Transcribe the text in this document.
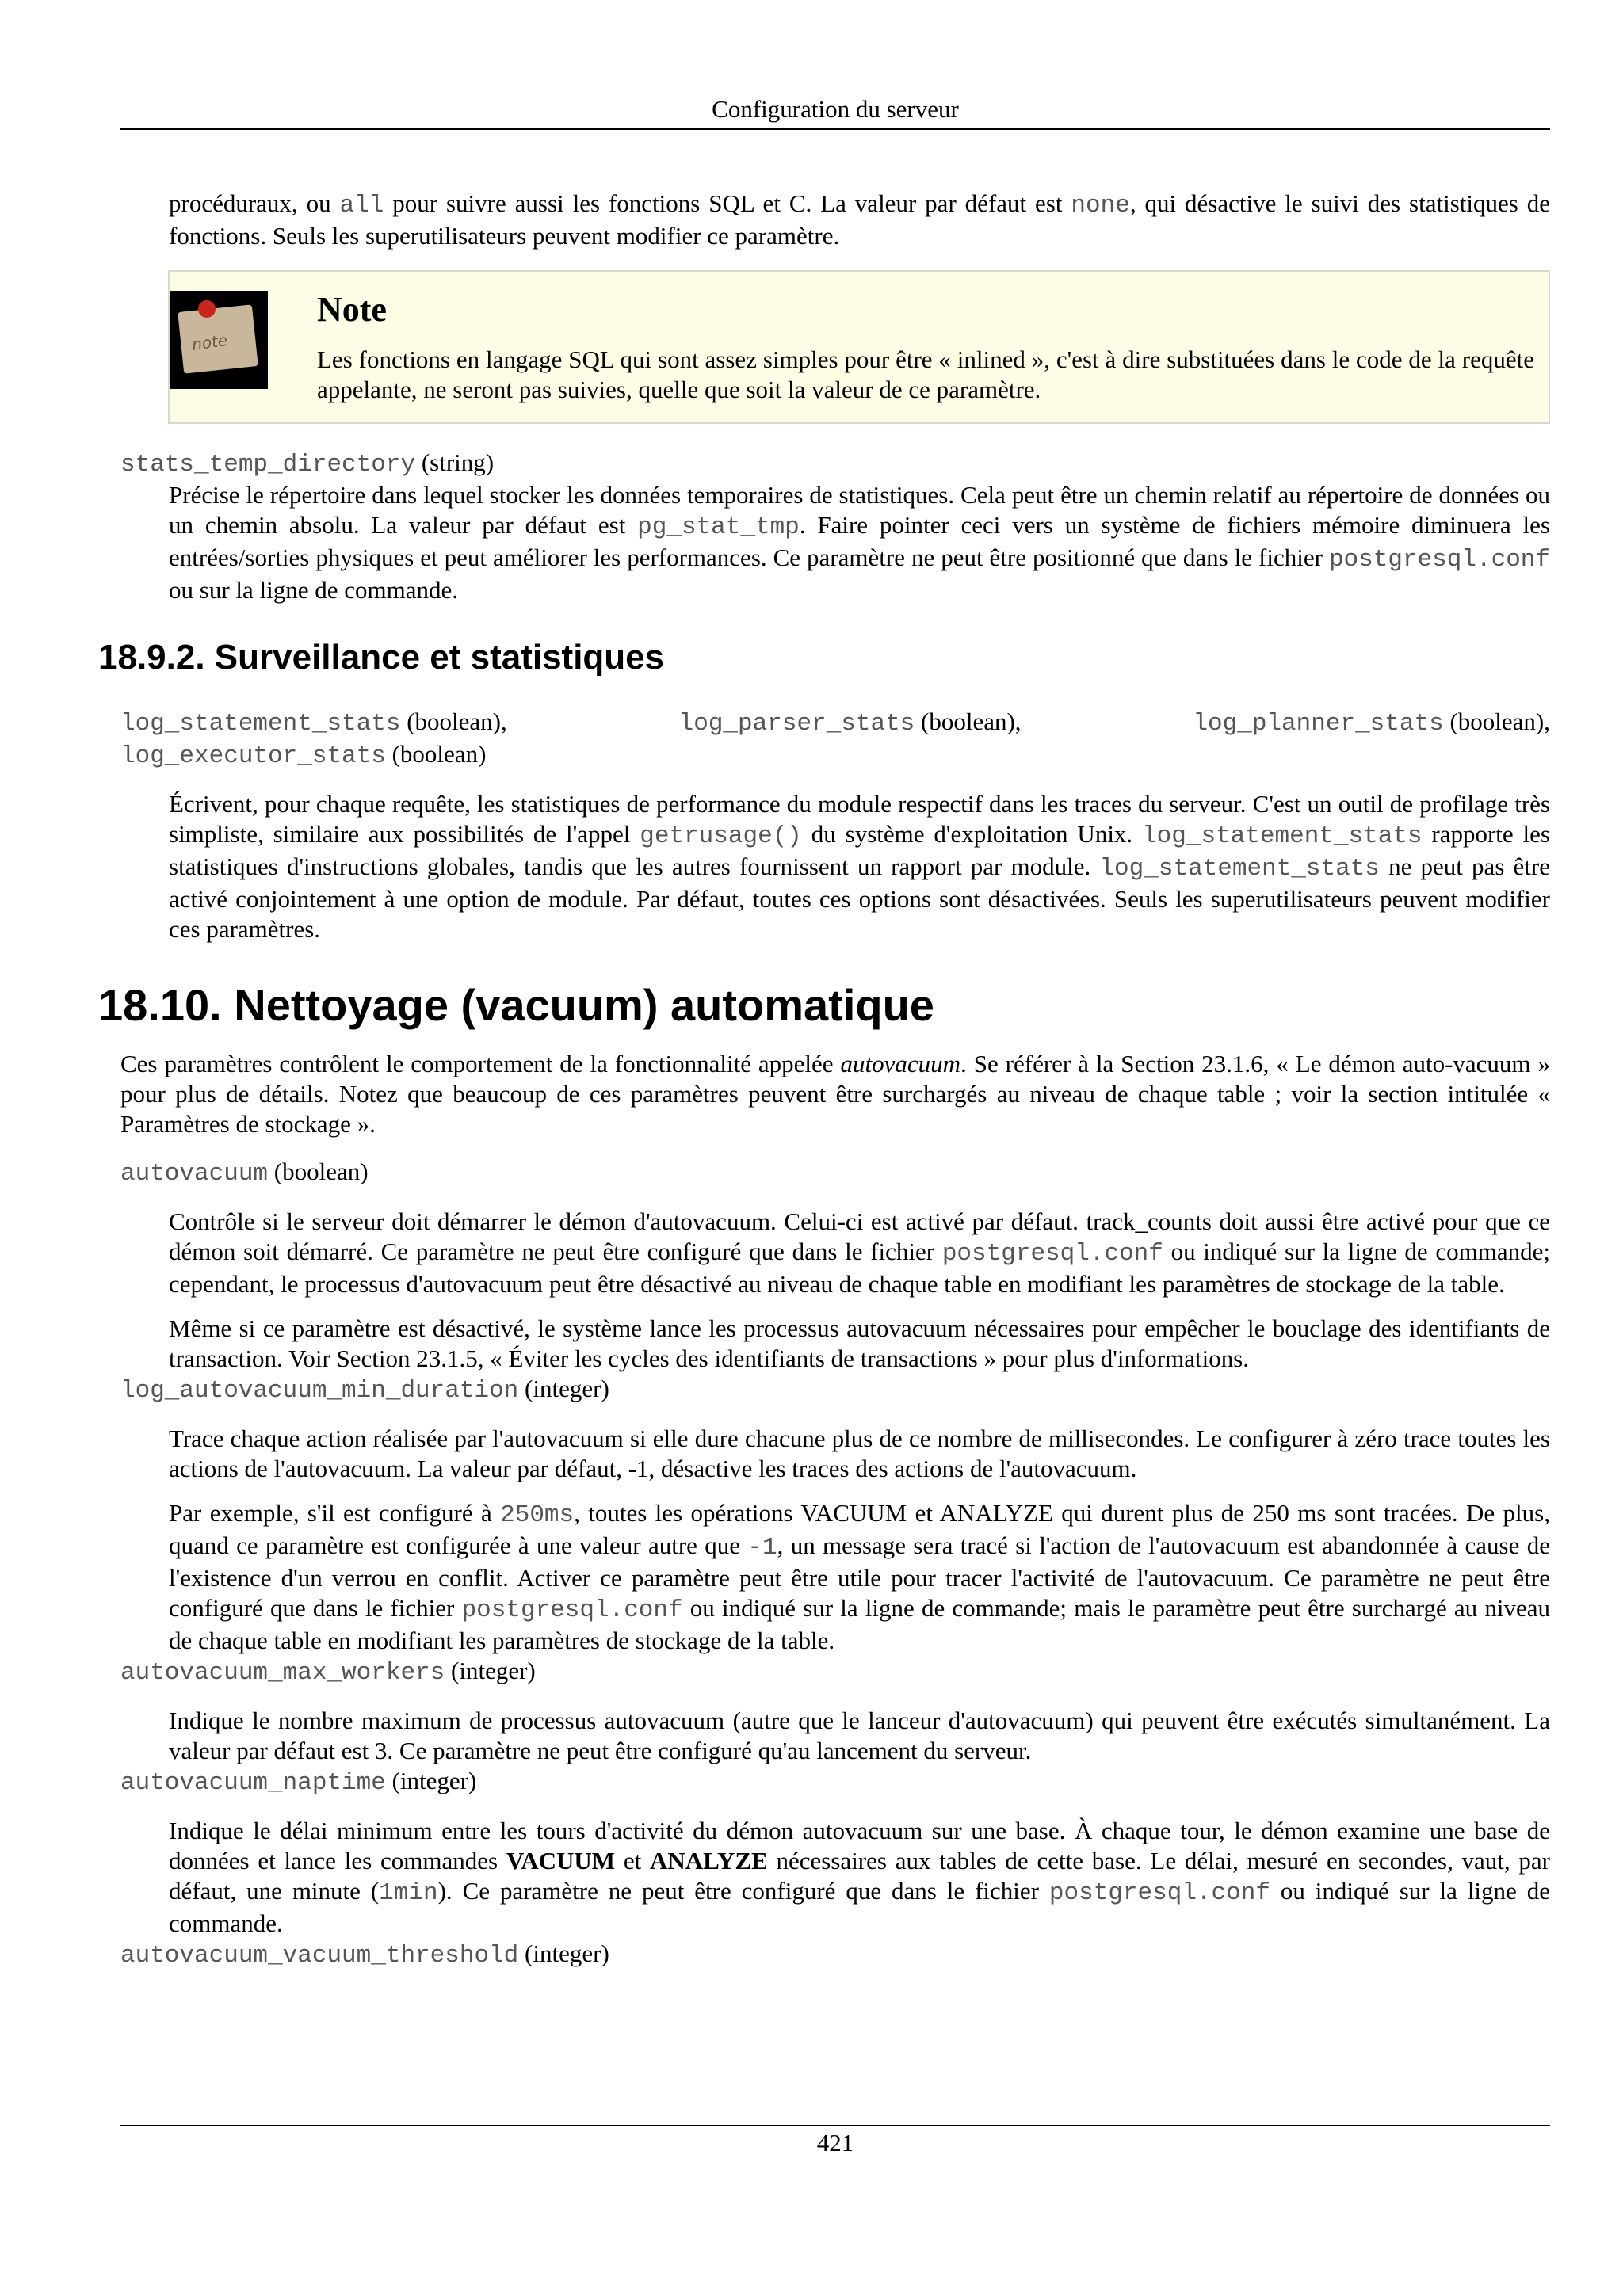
Configuration du serveur

procéduraux, ou all pour suivre aussi les fonctions SQL et C. La valeur par défaut est none, qui désactive le suivi des statistiques de fonctions. Seuls les superutilisateurs peuvent modifier ce paramètre.

note
Note

Les fonctions en langage SQL qui sont assez simples pour être « inlined », c'est à dire substituées dans le code de la requête appelante, ne seront pas suivies, quelle que soit la valeur de ce paramètre.

stats_temp_directory (string)

Précise le répertoire dans lequel stocker les données temporaires de statistiques. Cela peut être un chemin relatif au répertoire de données ou un chemin absolu. La valeur par défaut est pg_stat_tmp. Faire pointer ceci vers un système de fichiers mémoire diminuera les entrées/sorties physiques et peut améliorer les performances. Ce paramètre ne peut être positionné que dans le fichier postgresql.conf ou sur la ligne de commande.

18.9.2. Surveillance et statistiques
log_statement_stats (boolean),	log_parser_stats (boolean),	log_planner_stats (boolean),
log_executor_stats (boolean)

Écrivent, pour chaque requête, les statistiques de performance du module respectif dans les traces du serveur. C'est un outil de profilage très simpliste, similaire aux possibilités de l'appel getrusage() du système d'exploitation Unix. log_statement_stats rapporte les statistiques d'instructions globales, tandis que les autres fournissent un rapport par module. log_statement_stats ne peut pas être activé conjointement à une option de module. Par défaut, toutes ces options sont désactivées. Seuls les superutilisateurs peuvent modifier ces paramètres.

18.10. Nettoyage (vacuum) automatique

Ces paramètres contrôlent le comportement de la fonctionnalité appelée autovacuum. Se référer à la Section 23.1.6, « Le démon auto-vacuum » pour plus de détails. Notez que beaucoup de ces paramètres peuvent être surchargés au niveau de chaque table ; voir la section intitulée « Paramètres de stockage ».

autovacuum (boolean)

Contrôle si le serveur doit démarrer le démon d'autovacuum. Celui-ci est activé par défaut. track_counts doit aussi être activé pour que ce démon soit démarré. Ce paramètre ne peut être configuré que dans le fichier postgresql.conf ou indiqué sur la ligne de commande; cependant, le processus d'autovacuum peut être désactivé au niveau de chaque table en modifiant les paramètres de stockage de la table.

Même si ce paramètre est désactivé, le système lance les processus autovacuum nécessaires pour empêcher le bouclage des identifiants de transaction. Voir Section 23.1.5, « Éviter les cycles des identifiants de transactions » pour plus d'informations.

log_autovacuum_min_duration (integer)

Trace chaque action réalisée par l'autovacuum si elle dure chacune plus de ce nombre de millisecondes. Le configurer à zéro trace toutes les actions de l'autovacuum. La valeur par défaut, -1, désactive les traces des actions de l'autovacuum.

Par exemple, s'il est configuré à 250ms, toutes les opérations VACUUM et ANALYZE qui durent plus de 250 ms sont tracées. De plus, quand ce paramètre est configurée à une valeur autre que -1, un message sera tracé si l'action de l'autovacuum est abandonnée à cause de l'existence d'un verrou en conflit. Activer ce paramètre peut être utile pour tracer l'activité de l'autovacuum. Ce paramètre ne peut être configuré que dans le fichier postgresql.conf ou indiqué sur la ligne de commande; mais le paramètre peut être surchargé au niveau de chaque table en modifiant les paramètres de stockage de la table.

autovacuum_max_workers (integer)

Indique le nombre maximum de processus autovacuum (autre que le lanceur d'autovacuum) qui peuvent être exécutés simultanément. La valeur par défaut est 3. Ce paramètre ne peut être configuré qu'au lancement du serveur.

autovacuum_naptime (integer)

Indique le délai minimum entre les tours d'activité du démon autovacuum sur une base. À chaque tour, le démon examine une base de données et lance les commandes VACUUM et ANALYZE nécessaires aux tables de cette base. Le délai, mesuré en secondes, vaut, par défaut, une minute (1min). Ce paramètre ne peut être configuré que dans le fichier postgresql.conf ou indiqué sur la ligne de commande.

autovacuum_vacuum_threshold (integer)
421
